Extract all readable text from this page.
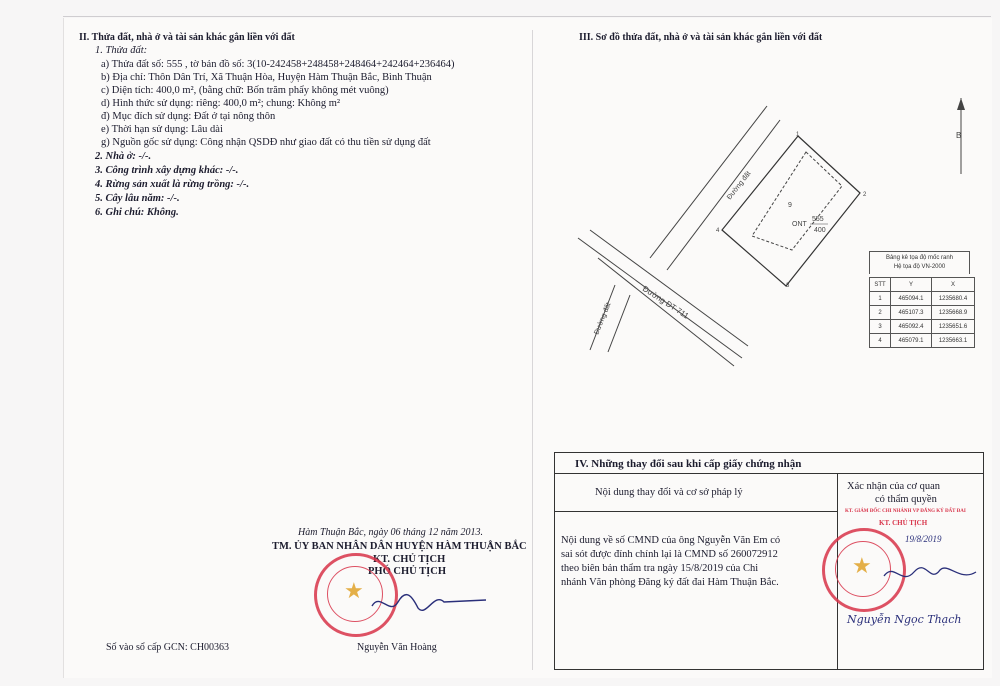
II. Thửa đất, nhà ở và tài sản khác gắn liền với đất
1. Thửa đất:
a) Thửa đất số: 555 , tờ bản đồ số: 3(10-242458+248458+248464+242464+236464)
b) Địa chỉ: Thôn Dân Trí, Xã Thuận Hòa, Huyện Hàm Thuận Bắc, Bình Thuận
c) Diện tích: 400,0 m², (bằng chữ: Bốn trăm phẩy không mét vuông)
d) Hình thức sử dụng: riêng: 400,0 m²; chung: Không m²
đ) Mục đích sử dụng: Đất ở tại nông thôn
e) Thời hạn sử dụng: Lâu dài
g) Nguồn gốc sử dụng: Công nhận QSDĐ như giao đất có thu tiền sử dụng đất
2. Nhà ở: -/-.
3. Công trình xây dựng khác: -/-.
4. Rừng sản xuất là rừng trồng: -/-.
5. Cây lâu năm: -/-.
6. Ghi chú: Không.
Hàm Thuận Bắc, ngày 06 tháng 12 năm 2013.
TM. ỦY BAN NHÂN DÂN HUYỆN HÀM THUẬN BẮC
KT. CHỦ TỊCH
PHÓ CHỦ TỊCH
★
Nguyễn Văn Hoàng
Số vào sổ cấp GCN: CH00363
III. Sơ đồ thửa đất, nhà ở và tài sản khác gắn liền với đất
1
2
3
4
9
ONT
555
400
Đường ĐT 711
Đường đất
Đường đất
B
Bảng kê tọa độ mốc ranh
Hệ tọa độ VN-2000
STT	Y	X
1	465094.1	1235680.4
2	465107.3	1235668.9
3	465092.4	1235651.6
4	465079.1	1235663.1
IV. Những thay đổi sau khi cấp giấy chứng nhận
Nội dung thay đổi và cơ sở pháp lý
Xác nhận của cơ quan
có thẩm quyền
Nội dung về số CMND của ông Nguyễn Văn Em có
sai sót được đính chính lại là CMND số 260072912
theo biên bản thẩm tra ngày 15/8/2019 của Chi
nhánh Văn phòng Đăng ký đất đai Hàm Thuận Bắc.
KT. GIÁM ĐỐC CHI NHÁNH VP ĐĂNG KÝ ĐẤT ĐAI
KT. CHỦ TỊCH
19/8/2019
Nguyễn Ngọc Thạch
★
